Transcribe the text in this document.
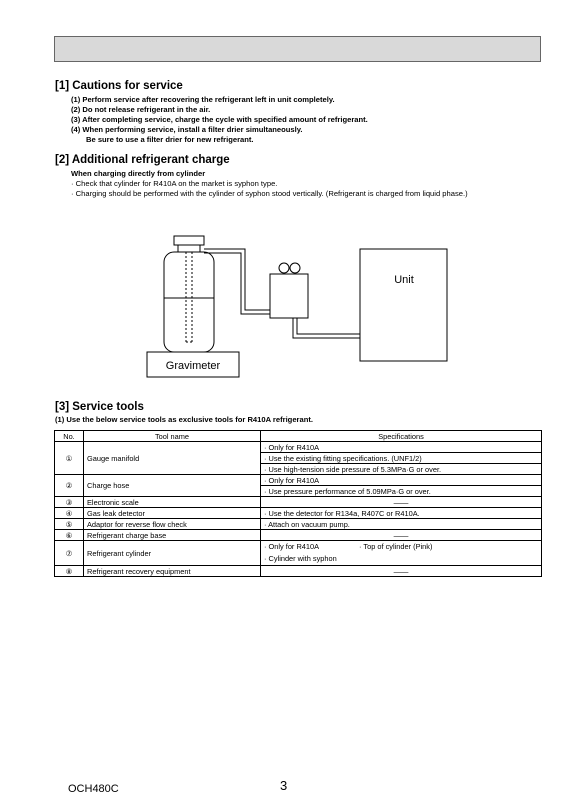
[1] Cautions for service
(1) Perform service after recovering the refrigerant left in unit completely.
(2) Do not release refrigerant in the air.
(3) After completing service, charge the cycle with specified amount of refrigerant.
(4) When performing service, install a filter drier simultaneously.
Be sure to use a filter drier for new refrigerant.
[2] Additional refrigerant charge
When charging directly from cylinder
· Check that cylinder for R410A on the market is syphon type.
· Charging should be performed with the cylinder of syphon stood vertically. (Refrigerant is charged from liquid phase.)
Unit
Gravimeter
[3] Service tools
(1) Use the below service tools as exclusive tools for R410A refrigerant.
No.	Tool name	Specifications
①	Gauge manifold	· Only for R410A
		· Use the existing fitting specifications. (UNF1/2)
		· Use high-tension side pressure of 5.3MPa·G or over.
②	Charge hose	· Only for R410A
		· Use pressure performance of 5.09MPa·G or over.
③	Electronic scale	——
④	Gas leak detector	· Use the detector for R134a, R407C or R410A.
⑤	Adaptor for reverse flow check	· Attach on vacuum pump.
⑥	Refrigerant charge base	——
⑦	Refrigerant cylinder	· Only for R410A · Top of cylinder (Pink)
· Cylinder with syphon

⑧	Refrigerant recovery equipment	——
OCH480C	3
